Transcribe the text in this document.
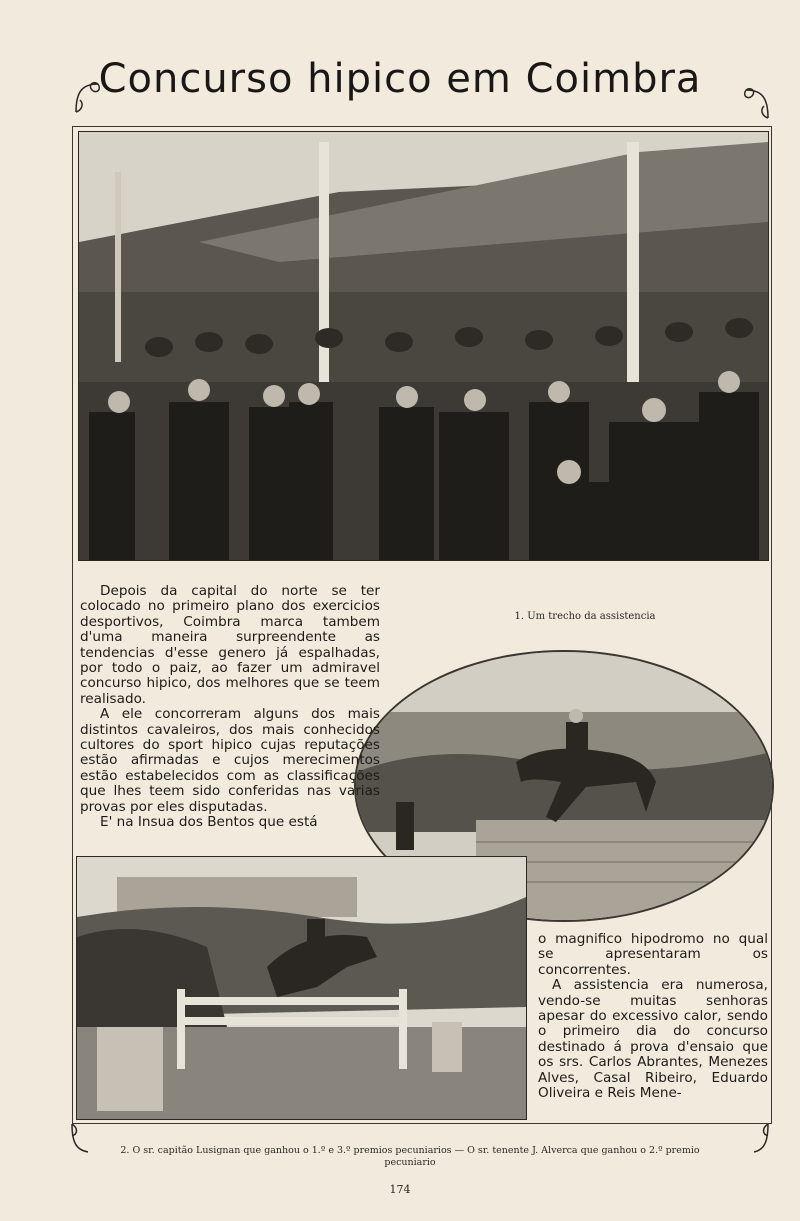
Concurso hipico em Coimbra
1. Um trecho da assistencia

Depois da capital do norte se ter colocado no primeiro plano dos exercicios desportivos, Coimbra marca tambem d'uma maneira surpreendente as tendencias d'esse genero já espalhadas, por todo o paiz, ao fazer um admiravel concurso hipico, dos melhores que se teem realisado.

A ele concorreram alguns dos mais distintos cavaleiros, dos mais conhecidos cultores do sport hipico cujas reputações estão afirmadas e cujos merecimentos estão estabelecidos com as classificações que lhes teem sido conferidas nas varias provas por eles disputadas.

E' na Insua dos Bentos que está

o magnifico hipodromo no qual se apresentaram os concorrentes.

A assistencia era numerosa, vendo-se muitas senhoras apesar do excessivo calor, sendo o primeiro dia do concurso destinado á prova d'ensaio que os srs. Carlos Abrantes, Menezes Alves, Casal Ribeiro, Eduardo Oliveira e Reis Mene-

2. O sr. capitão Lusignan que ganhou o 1.º e 3.º premios pecuniarios — O sr. tenente J. Alverca que ganhou o 2.º premio pecuniario
174
